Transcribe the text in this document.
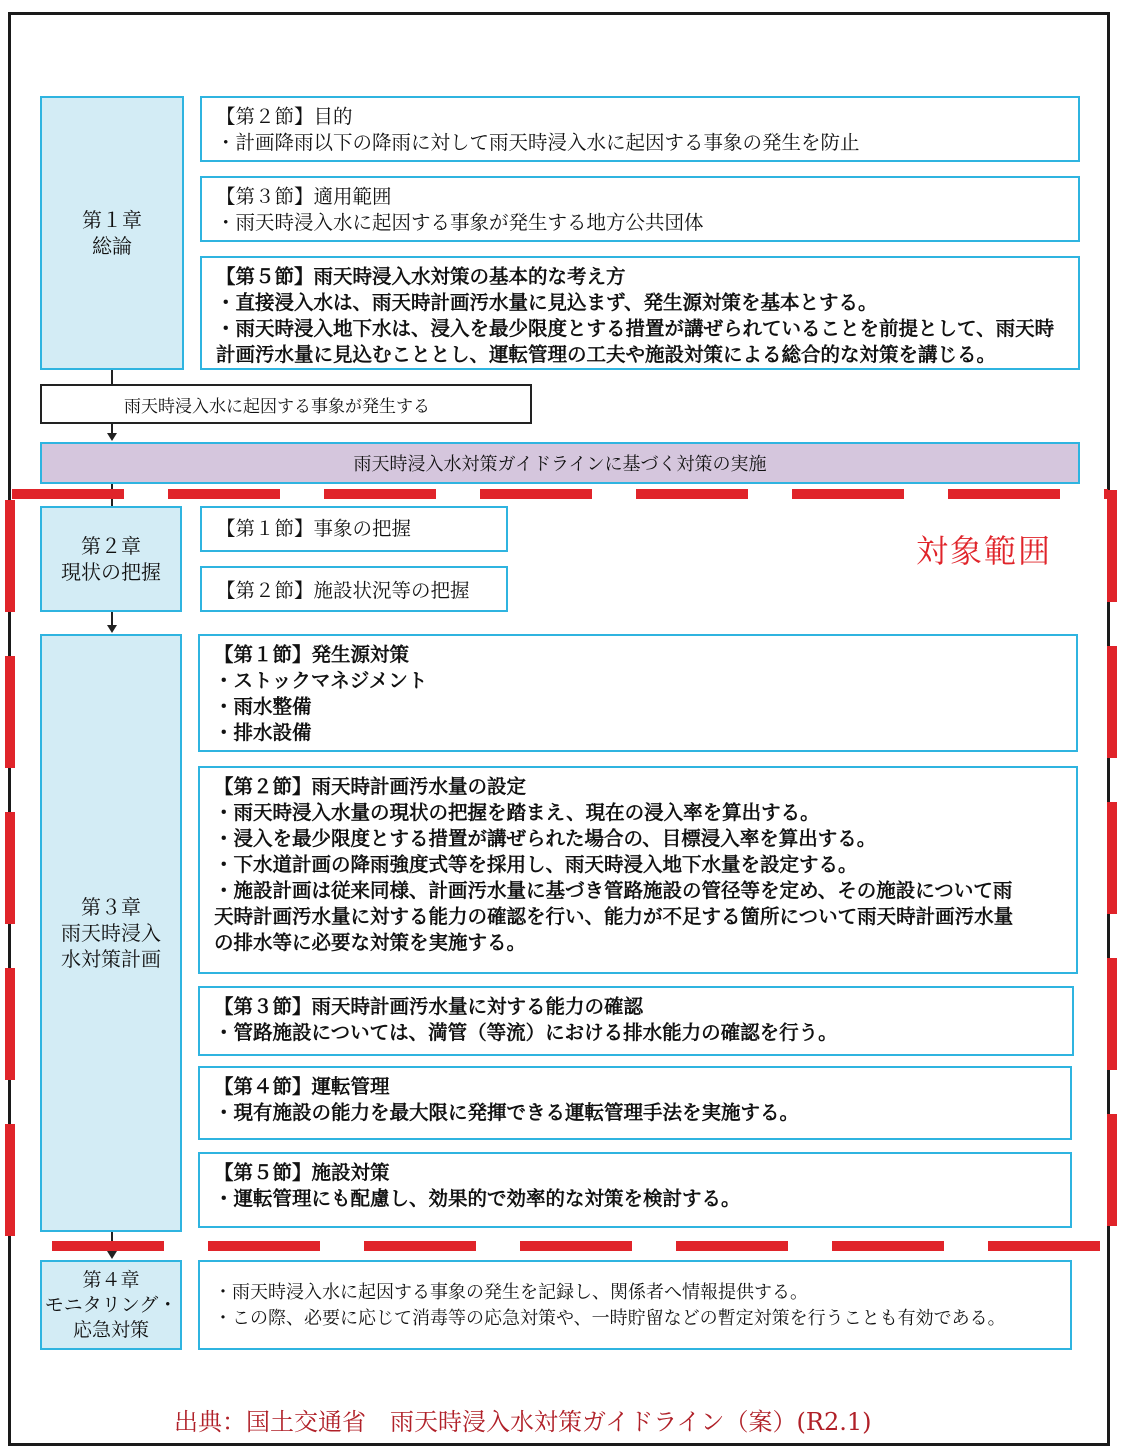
第１章
総論
【第２節】目的
・計画降雨以下の降雨に対して雨天時浸入水に起因する事象の発生を防止
【第３節】適用範囲
・雨天時浸入水に起因する事象が発生する地方公共団体
【第５節】雨天時浸入水対策の基本的な考え方
・直接浸入水は、雨天時計画汚水量に見込まず、発生源対策を基本とする。
・雨天時浸入地下水は、浸入を最少限度とする措置が講ぜられていることを前提として、雨天時
計画汚水量に見込むこととし、運転管理の工夫や施設対策による総合的な対策を講じる。
雨天時浸入水に起因する事象が発生する
雨天時浸入水対策ガイドラインに基づく対策の実施
第２章
現状の把握
【第１節】事象の把握
【第２節】施設状況等の把握
第３章
雨天時浸入
水対策計画
【第１節】発生源対策
・ストックマネジメント
・雨水整備
・排水設備
【第２節】雨天時計画汚水量の設定
・雨天時浸入水量の現状の把握を踏まえ、現在の浸入率を算出する。
・浸入を最少限度とする措置が講ぜられた場合の、目標浸入率を算出する。
・下水道計画の降雨強度式等を採用し、雨天時浸入地下水量を設定する。
・施設計画は従来同様、計画汚水量に基づき管路施設の管径等を定め、その施設について雨
天時計画汚水量に対する能力の確認を行い、能力が不足する箇所について雨天時計画汚水量
の排水等に必要な対策を実施する。
【第３節】雨天時計画汚水量に対する能力の確認
・管路施設については、満管（等流）における排水能力の確認を行う。
【第４節】運転管理
・現有施設の能力を最大限に発揮できる運転管理手法を実施する。
【第５節】施設対策
・運転管理にも配慮し、効果的で効率的な対策を検討する。
第４章
モニタリング・
応急対策
・雨天時浸入水に起因する事象の発生を記録し、関係者へ情報提供する。
・この際、必要に応じて消毒等の応急対策や、一時貯留などの暫定対策を行うことも有効である。
対象範囲
出典：国土交通省　雨天時浸入水対策ガイドライン（案）(R2.1)
